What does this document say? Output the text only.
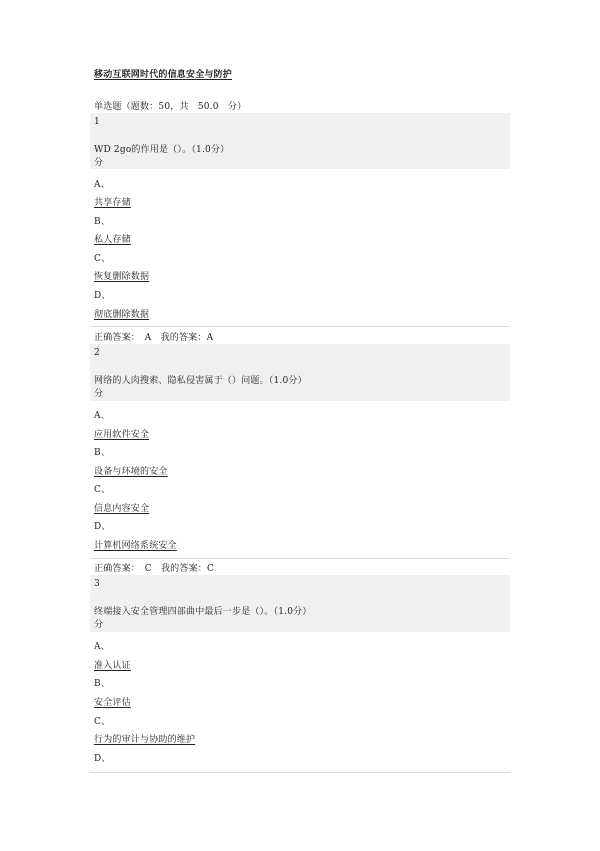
移动互联网时代的信息安全与防护
单选题（题数：50，共　50.0　分）
1
WD 2go的作用是（）。（1.0分）
分
A、
共享存储
B、
私人存储
C、
恢复删除数据
D、
彻底删除数据
正确答案：　A　我的答案：A
2
网络的人肉搜索、隐私侵害属于（）问题。（1.0分）
分
A、
应用软件安全
B、
设备与环境的安全
C、
信息内容安全
D、
计算机网络系统安全
正确答案：　C　我的答案：C
3
终端接入安全管理四部曲中最后一步是（）。（1.0分）
分
A、
准入认证
B、
安全评估
C、
行为的审计与协助的维护
D、
